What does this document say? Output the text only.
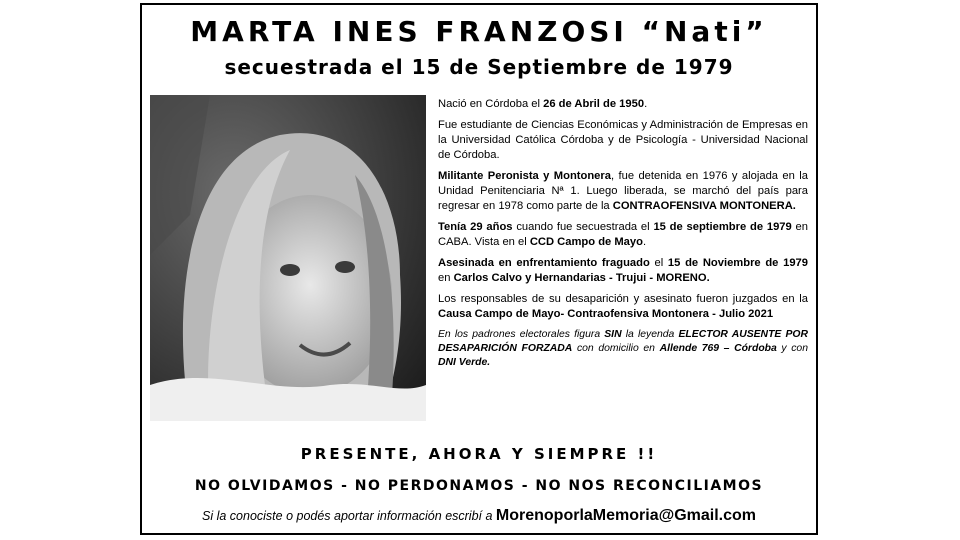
MARTA INES FRANZOSI “Nati”
secuestrada el 15 de Septiembre de 1979

Nació en Córdoba el 26 de Abril de 1950.

Fue estudiante de Ciencias Económicas y Administración de Empresas en la Universidad Católica Córdoba y de Psicología - Universidad Nacional de Córdoba.

Militante Peronista y Montonera, fue detenida en 1976 y alojada en la Unidad Penitenciaria Nª 1. Luego liberada, se marchó del país para regresar en 1978 como parte de la CONTRAOFENSIVA MONTONERA.

Tenía 29 años cuando fue secuestrada el 15 de septiembre de 1979 en CABA. Vista en el CCD Campo de Mayo.

Asesinada en enfrentamiento fraguado el 15 de Noviembre de 1979 en Carlos Calvo y Hernandarias - Trujui - MORENO.

Los responsables de su desaparición y asesinato fueron juzgados en la Causa Campo de Mayo- Contraofensiva Montonera - Julio 2021

En los padrones electorales figura SIN la leyenda ELECTOR AUSENTE POR DESAPARICIÓN FORZADA con domicilio en Allende 769 – Córdoba y con DNI Verde.

PRESENTE, AHORA Y SIEMPRE !!
NO OLVIDAMOS - NO PERDONAMOS - NO NOS RECONCILIAMOS
Si la conociste o podés aportar información escribí a MorenoporlaMemoria@Gmail.com
